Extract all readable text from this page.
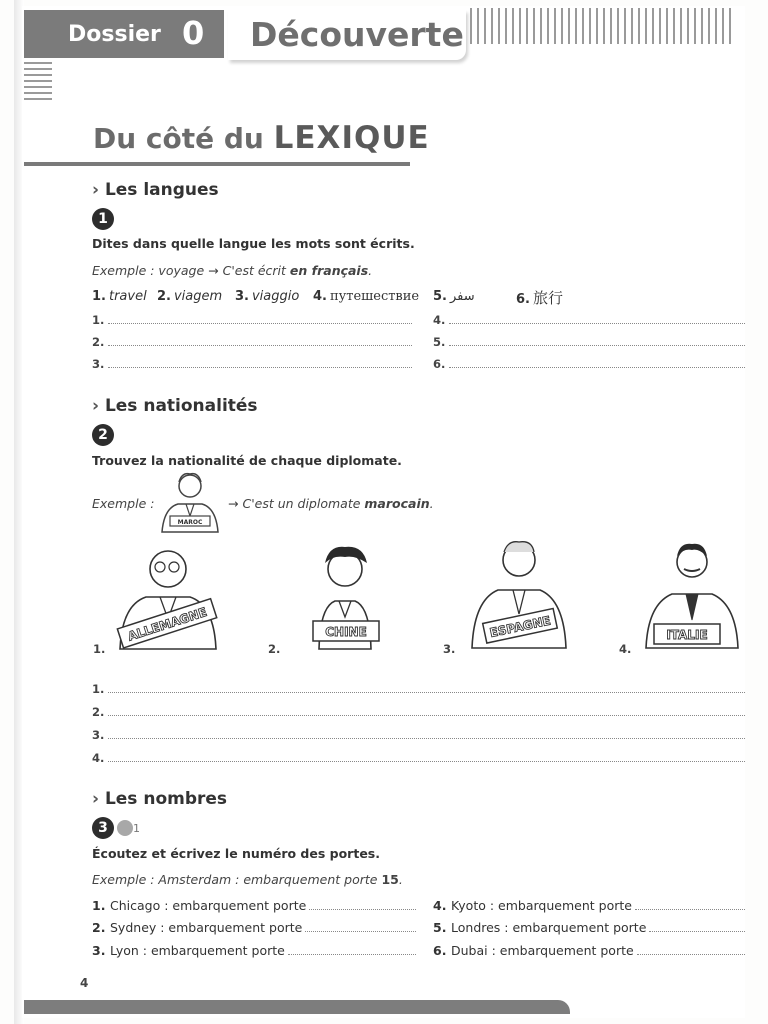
Dossier 0 Découverte
Du côté du LEXIQUE
› Les langues
1
Dites dans quelle langue les mots sont écrits.
Exemple : voyage → C'est écrit en français.
1. travel 2. viagem 3. viaggio 4. путешествие 5. سفر	6. 旅行
1.
2.
3.
4.
5.
6.
› Les nationalités
2
Trouvez la nationalité de chaque diplomate.
Exemple :
MAROC
→ C'est un diplomate marocain.
ALLEMAGNE	CHINE	ESPAGNE	ITALIE
1.	2.	3.	4.
1.
2.
3.
4.
› Les nombres
3	1
Écoutez et écrivez le numéro des portes.
Exemple : Amsterdam : embarquement porte 15.
1. Chicago : embarquement porte
2. Sydney : embarquement porte
3. Lyon : embarquement porte
4. Kyoto : embarquement porte
5. Londres : embarquement porte
6. Dubai : embarquement porte
4
